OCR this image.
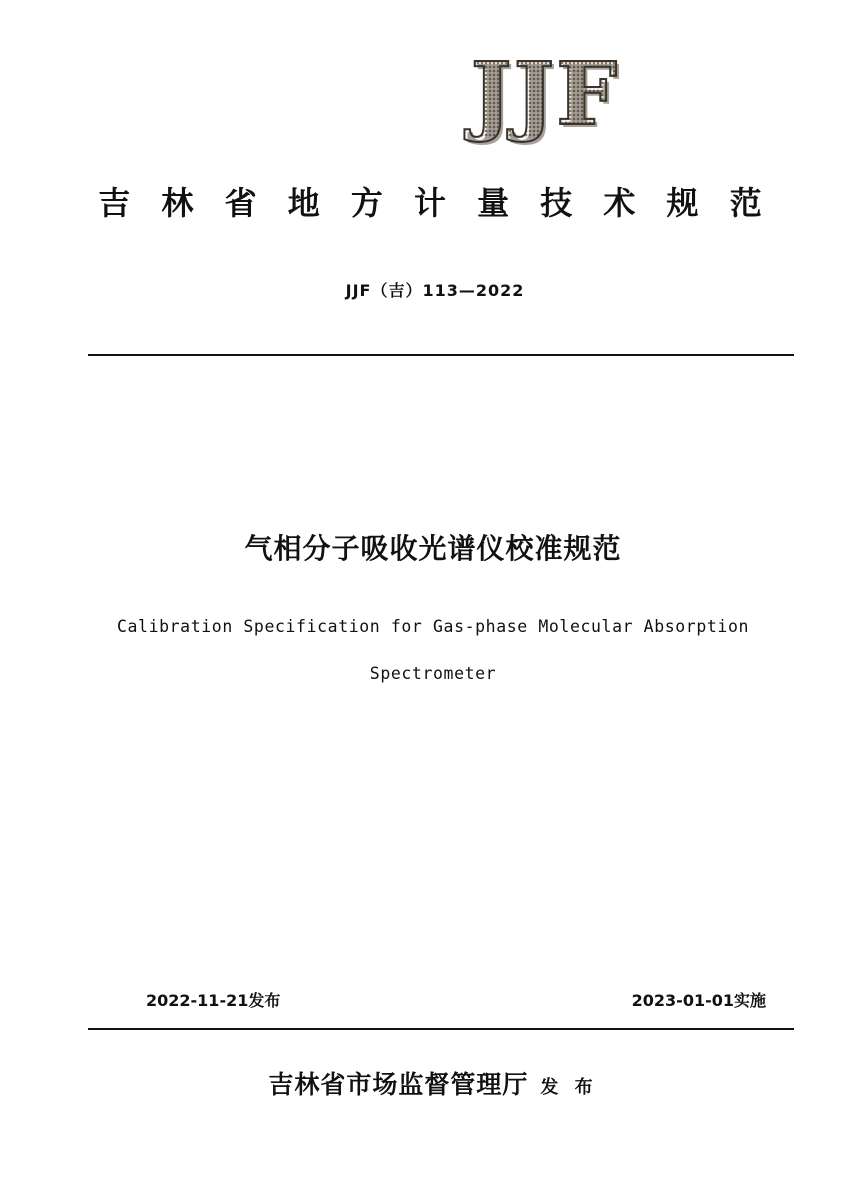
JJF
吉 林 省 地 方 计 量 技 术 规 范
JJF（吉）113—2022
气相分子吸收光谱仪校准规范
Calibration Specification for Gas-phase Molecular Absorption
Spectrometer
2022-11-21发布	2023-01-01实施
吉林省市场监督管理厅 发 布
